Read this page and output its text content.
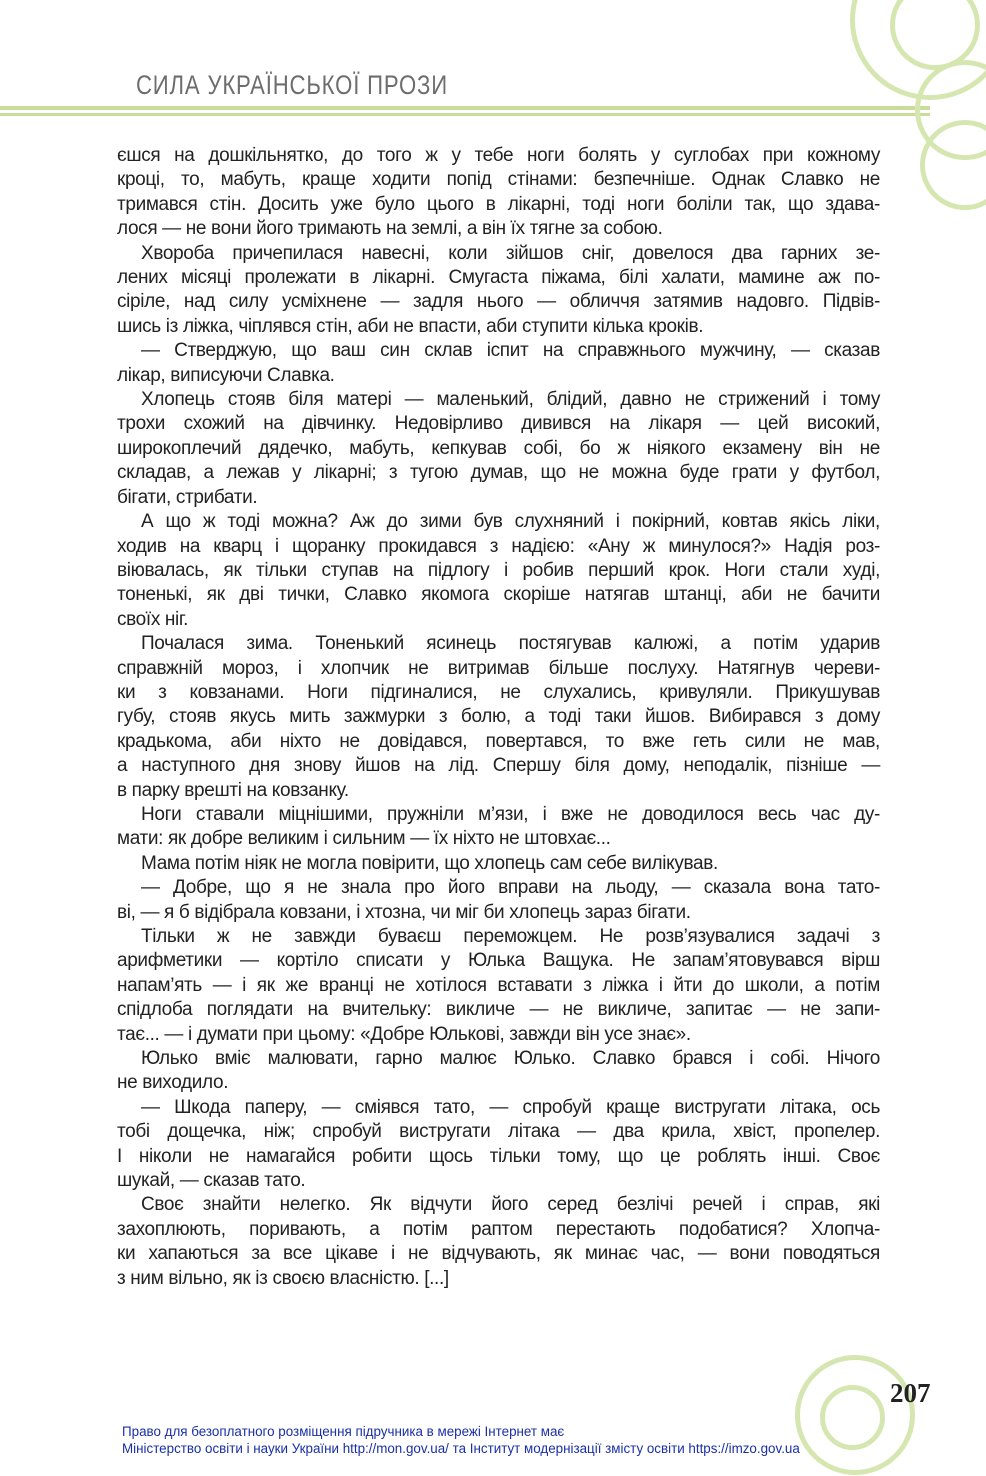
СИЛА УКРАЇНСЬКОЇ ПРОЗИ
єшся на дошкільнятко, до того ж у тебе ноги болять у суглобах при кожному
кроці, то, мабуть, краще ходити попід стінами: безпечніше. Однак Славко не
тримався стін. Досить уже було цього в лікарні, тоді ноги боліли так, що здава-
лося — не вони його тримають на землі, а він їх тягне за собою.
Хвороба причепилася навесні, коли зійшов сніг, довелося два гарних зе-
лених місяці пролежати в лікарні. Смугаста піжама, білі халати, мамине аж по-
сіріле, над силу усміхнене — задля нього — обличчя затямив надовго. Підвів-
шись із ліжка, чіплявся стін, аби не впасти, аби ступити кілька кроків.
— Стверджую, що ваш син склав іспит на справжнього мужчину, — сказав
лікар, виписуючи Славка.
Хлопець стояв біля матері — маленький, блідий, давно не стрижений і тому
трохи схожий на дівчинку. Недовірливо дивився на лікаря — цей високий,
широкоплечий дядечко, мабуть, кепкував собі, бо ж ніякого екзамену він не
складав, а лежав у лікарні; з тугою думав, що не можна буде грати у футбол,
бігати, стрибати.
А що ж тоді можна? Аж до зими був слухняний і покірний, ковтав якісь ліки,
ходив на кварц і щоранку прокидався з надією: «Ану ж минулося?» Надія роз-
віювалась, як тільки ступав на підлогу і робив перший крок. Ноги стали худі,
тоненькі, як дві тички, Славко якомога скоріше натягав штанці, аби не бачити
своїх ніг.
Почалася зима. Тоненький ясинець постягував калюжі, а потім ударив
справжній мороз, і хлопчик не витримав більше послуху. Натягнув череви-
ки з ковзанами. Ноги підгиналися, не слухались, кривуляли. Прикушував
губу, стояв якусь мить зажмурки з болю, а тоді таки йшов. Вибирався з дому
крадькома, аби ніхто не довідався, повертався, то вже геть сили не мав,
а наступного дня знову йшов на лід. Спершу біля дому, неподалік, пізніше —
в парку врешті на ковзанку.
Ноги ставали міцнішими, пружніли м’язи, і вже не доводилося весь час ду-
мати: як добре великим і сильним — їх ніхто не штовхає...
Мама потім ніяк не могла повірити, що хлопець сам себе вилікував.
— Добре, що я не знала про його вправи на льоду, — сказала вона тато-
ві, — я б відібрала ковзани, і хтозна, чи міг би хлопець зараз бігати.
Тільки ж не завжди буваєш переможцем. Не розв’язувалися задачі з
арифметики — кортіло списати у Юлька Ващука. Не запам’ятовувався вірш
напам’ять — і як же вранці не хотілося вставати з ліжка і йти до школи, а потім
спідлоба поглядати на вчительку: викличе — не викличе, запитає — не запи-
тає... — і думати при цьому: «Добре Юлькові, завжди він усе знає».
Юлько вміє малювати, гарно малює Юлько. Славко брався і собі. Нічого
не виходило.
— Шкода паперу, — сміявся тато, — спробуй краще вистругати літака, ось
тобі дощечка, ніж; спробуй вистругати літака — два крила, хвіст, пропелер.
І ніколи не намагайся робити щось тільки тому, що це роблять інші. Своє
шукай, — сказав тато.
Своє знайти нелегко. Як відчути його серед безлічі речей і справ, які
захоплюють, поривають, а потім раптом перестають подобатися? Хлопча-
ки хапаються за все цікаве і не відчувають, як минає час, — вони поводяться
з ним вільно, як із своєю власністю. [...]
207
Право для безоплатного розміщення підручника в мережі Інтернет має
Міністерство освіти і науки України http://mon.gov.ua/ та Інститут модернізації змісту освіти https://imzo.gov.ua
